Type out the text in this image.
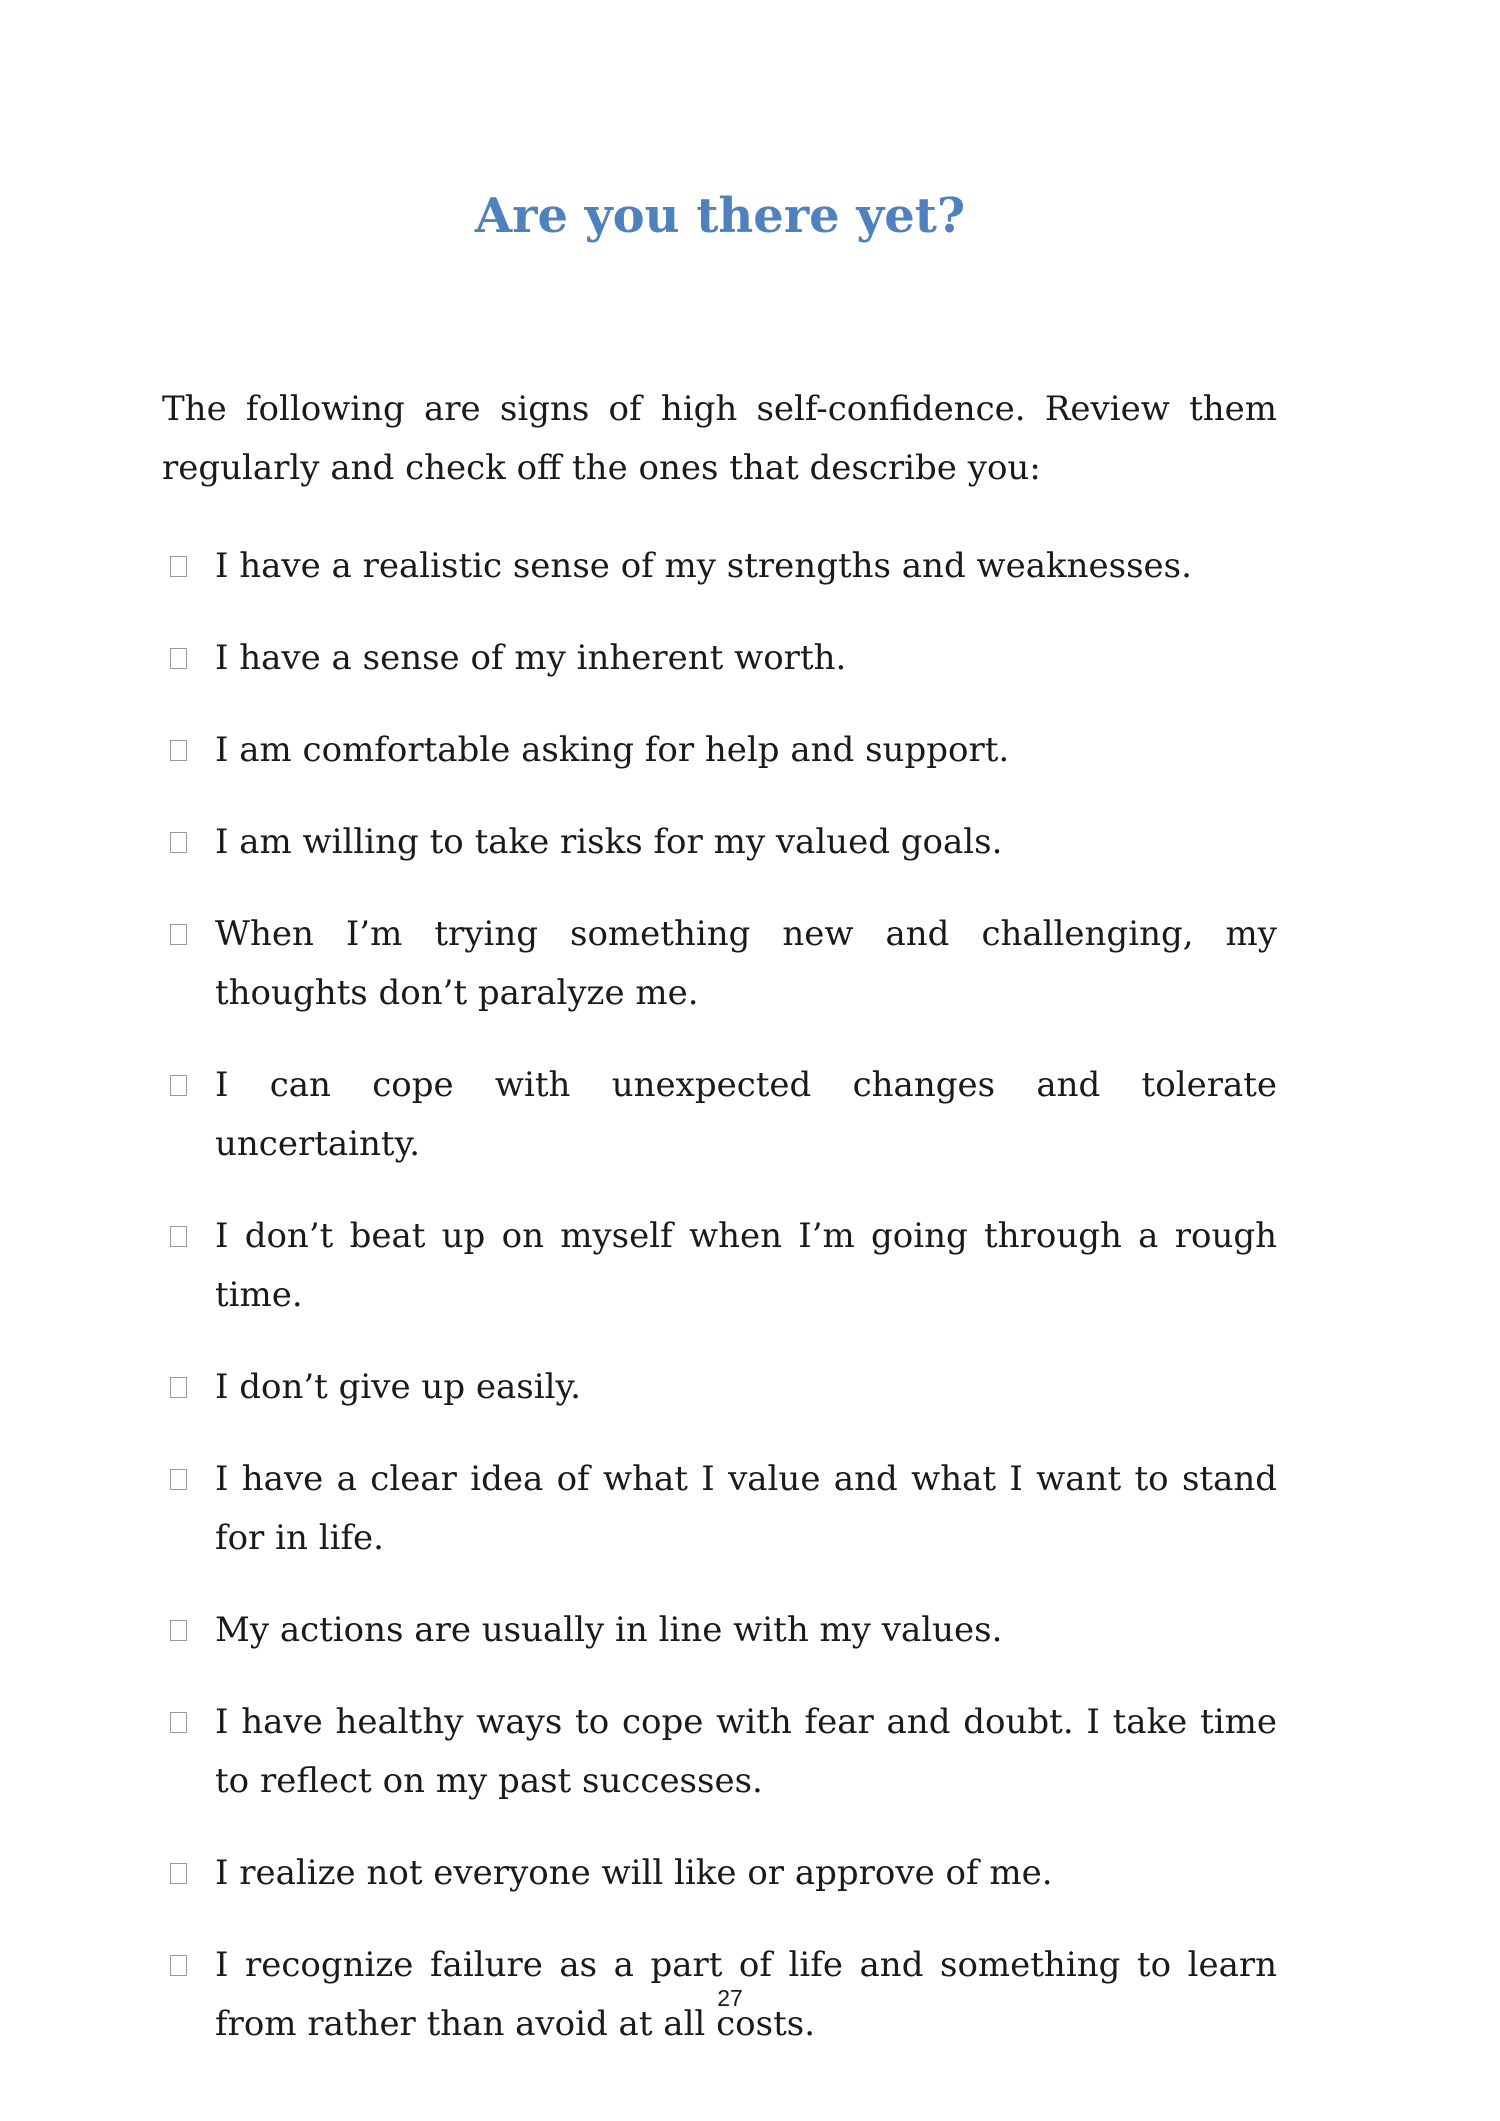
Are you there yet?

The following are signs of high self-confidence. Review them regularly and check off the ones that describe you:

I have a realistic sense of my strengths and weaknesses.
I have a sense of my inherent worth.
I am comfortable asking for help and support.
I am willing to take risks for my valued goals.
When I’m trying something new and challenging, my thoughts don’t paralyze me.
I can cope with unexpected changes and tolerate uncertainty.
I don’t beat up on myself when I’m going through a rough time.
I don’t give up easily.
I have a clear idea of what I value and what I want to stand for in life.
My actions are usually in line with my values.
I have healthy ways to cope with fear and doubt. I take time to reflect on my past successes.
I realize not everyone will like or approve of me.
I recognize failure as a part of life and something to learn from rather than avoid at all costs.
27
